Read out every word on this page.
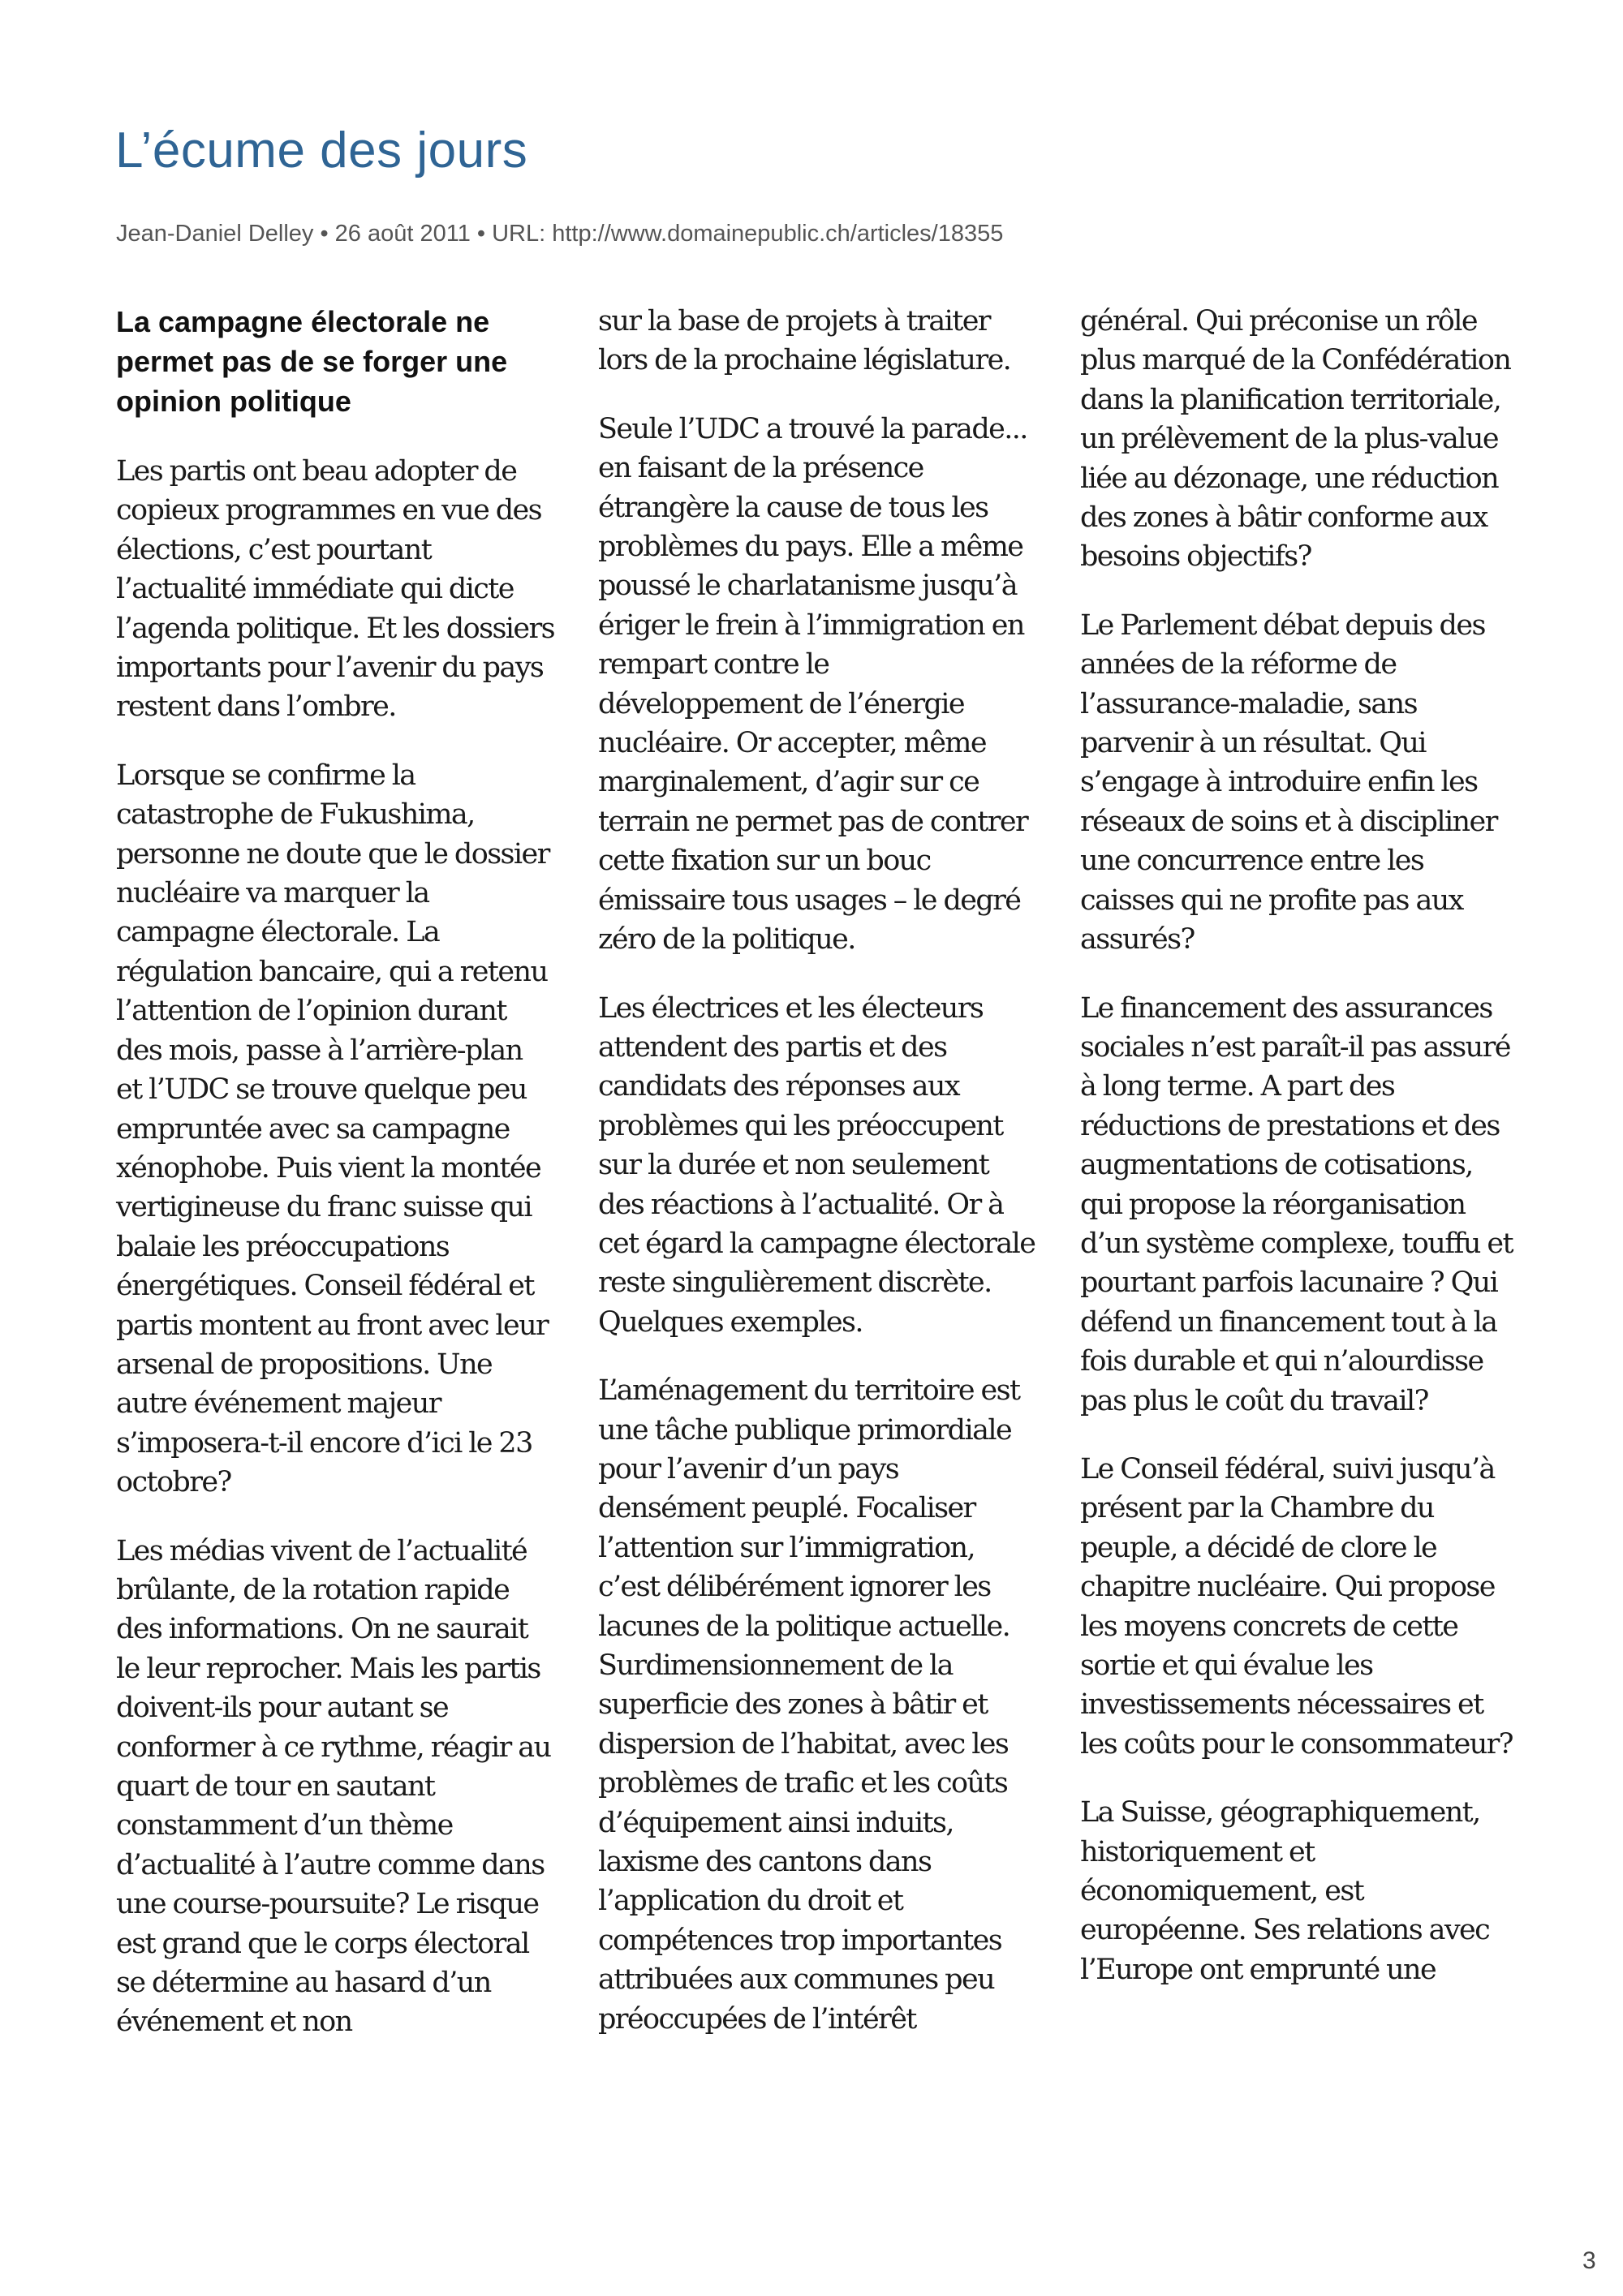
L’écume des jours
Jean-Daniel Delley • 26 août 2011 • URL: http://www.domainepublic.ch/articles/18355
La campagne électorale ne permet pas de se forger une opinion politique

Les partis ont beau adopter de copieux programmes en vue des élections, c’est pourtant l’actualité immédiate qui dicte l’agenda politique. Et les dossiers importants pour l’avenir du pays restent dans l’ombre.

Lorsque se confirme la catastrophe de Fukushima, personne ne doute que le dossier nucléaire va marquer la campagne électorale. La régulation bancaire, qui a retenu l’attention de l’opinion durant des mois, passe à l’arrière-plan et l’UDC se trouve quelque peu empruntée avec sa campagne xénophobe. Puis vient la montée vertigineuse du franc suisse qui balaie les préoccupations énergétiques. Conseil fédéral et partis montent au front avec leur arsenal de propositions. Une autre événement majeur s’imposera-t-il encore d’ici le 23 octobre?

Les médias vivent de l’actualité brûlante, de la rotation rapide des informations. On ne saurait le leur reprocher. Mais les partis doivent-ils pour autant se conformer à ce rythme, réagir au quart de tour en sautant constamment d’un thème d’actualité à l’autre comme dans une course-poursuite? Le risque est grand que le corps électoral se détermine au hasard d’un événement et non

sur la base de projets à traiter lors de la prochaine législature.

Seule l’UDC a trouvé la parade... en faisant de la présence étrangère la cause de tous les problèmes du pays. Elle a même poussé le charlatanisme jusqu’à ériger le frein à l’immigration en rempart contre le développement de l’énergie nucléaire. Or accepter, même marginalement, d’agir sur ce terrain ne permet pas de contrer cette fixation sur un bouc émissaire tous usages – le degré zéro de la politique.

Les électrices et les électeurs attendent des partis et des candidats des réponses aux problèmes qui les préoccupent sur la durée et non seulement des réactions à l’actualité. Or à cet égard la campagne électorale reste singulièrement discrète. Quelques exemples.

L’aménagement du territoire est une tâche publique primordiale pour l’avenir d’un pays densément peuplé. Focaliser l’attention sur l’immigration, c’est délibérément ignorer les lacunes de la politique actuelle. Surdimensionnement de la superficie des zones à bâtir et dispersion de l’habitat, avec les problèmes de trafic et les coûts d’équipement ainsi induits, laxisme des cantons dans l’application du droit et compétences trop importantes attribuées aux communes peu préoccupées de l’intérêt

général. Qui préconise un rôle plus marqué de la Confédération dans la planification territoriale, un prélèvement de la plus-value liée au dézonage, une réduction des zones à bâtir conforme aux besoins objectifs?

Le Parlement débat depuis des années de la réforme de l’assurance-maladie, sans parvenir à un résultat. Qui s’engage à introduire enfin les réseaux de soins et à discipliner une concurrence entre les caisses qui ne profite pas aux assurés?

Le financement des assurances sociales n’est paraît-il pas assuré à long terme. A part des réductions de prestations et des augmentations de cotisations, qui propose la réorganisation d’un système complexe, touffu et pourtant parfois lacunaire ? Qui défend un financement tout à la fois durable et qui n’alourdisse pas plus le coût du travail?

Le Conseil fédéral, suivi jusqu’à présent par la Chambre du peuple, a décidé de clore le chapitre nucléaire. Qui propose les moyens concrets de cette sortie et qui évalue les investissements nécessaires et les coûts pour le consommateur?

La Suisse, géographiquement, historiquement et économiquement, est européenne. Ses relations avec l’Europe ont emprunté une

3
